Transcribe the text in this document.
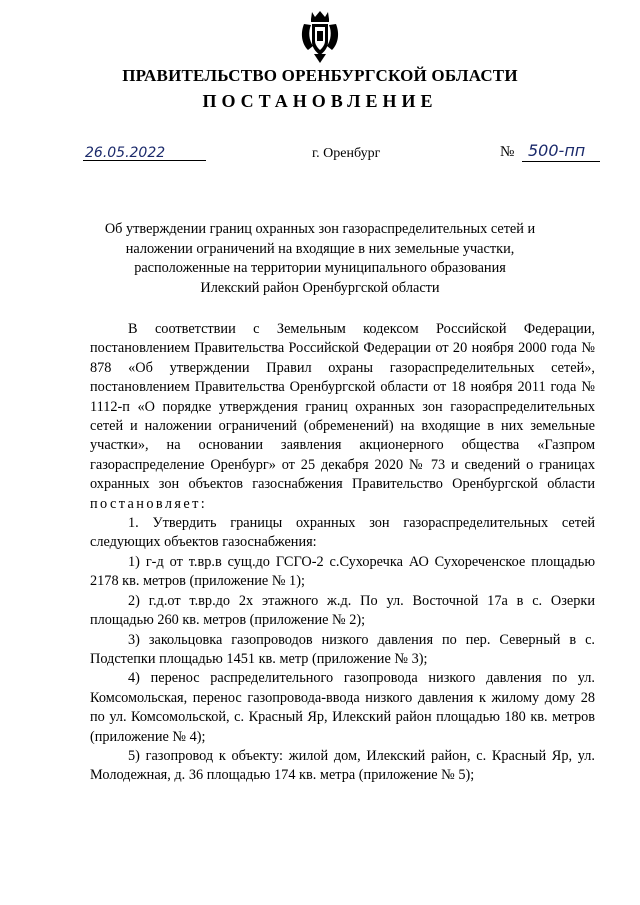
ПРАВИТЕЛЬСТВО ОРЕНБУРГСКОЙ ОБЛАСТИ
ПОСТАНОВЛЕНИЕ
26.05.2022	г. Оренбург	№ 500-пп
Об утверждении границ охранных зон газораспределительных сетей и
наложении ограничений на входящие в них земельные участки,
расположенные на территории муниципального образования
Илекский район Оренбургской области

В соответствии с Земельным кодексом Российской Федерации, постановлением Правительства Российской Федерации от 20 ноября 2000 года № 878 «Об утверждении Правил охраны газораспределительных сетей», постановлением Правительства Оренбургской области от 18 ноября 2011 года № 1112-п «О порядке утверждения границ охранных зон газораспределительных сетей и наложении ограничений (обременений) на входящие в них земельные участки», на основании заявления акционерного общества «Газпром газораспределение Оренбург» от 25 декабря 2020 № 73 и сведений о границах охранных зон объектов газоснабжения Правительство Оренбургской области постановляет:

1. Утвердить границы охранных зон газораспределительных сетей следующих объектов газоснабжения:

1) г-д от т.вр.в сущ.до ГСГО-2 с.Сухоречка АО Сухореченское площадью 2178 кв. метров (приложение № 1);

2) г.д.от т.вр.до 2х этажного ж.д. По ул. Восточной 17а в с. Озерки площадью 260 кв. метров (приложение № 2);

3) закольцовка газопроводов низкого давления по пер. Северный в с. Подстепки площадью 1451 кв. метр (приложение № 3);

4) перенос распределительного газопровода низкого давления по ул. Комсомольская, перенос газопровода-ввода низкого давления к жилому дому 28 по ул. Комсомольской, с. Красный Яр, Илекский район площадью 180 кв. метров (приложение № 4);

5) газопровод к объекту: жилой дом, Илекский район, с. Красный Яр, ул. Молодежная, д. 36 площадью 174 кв. метра (приложение № 5);
